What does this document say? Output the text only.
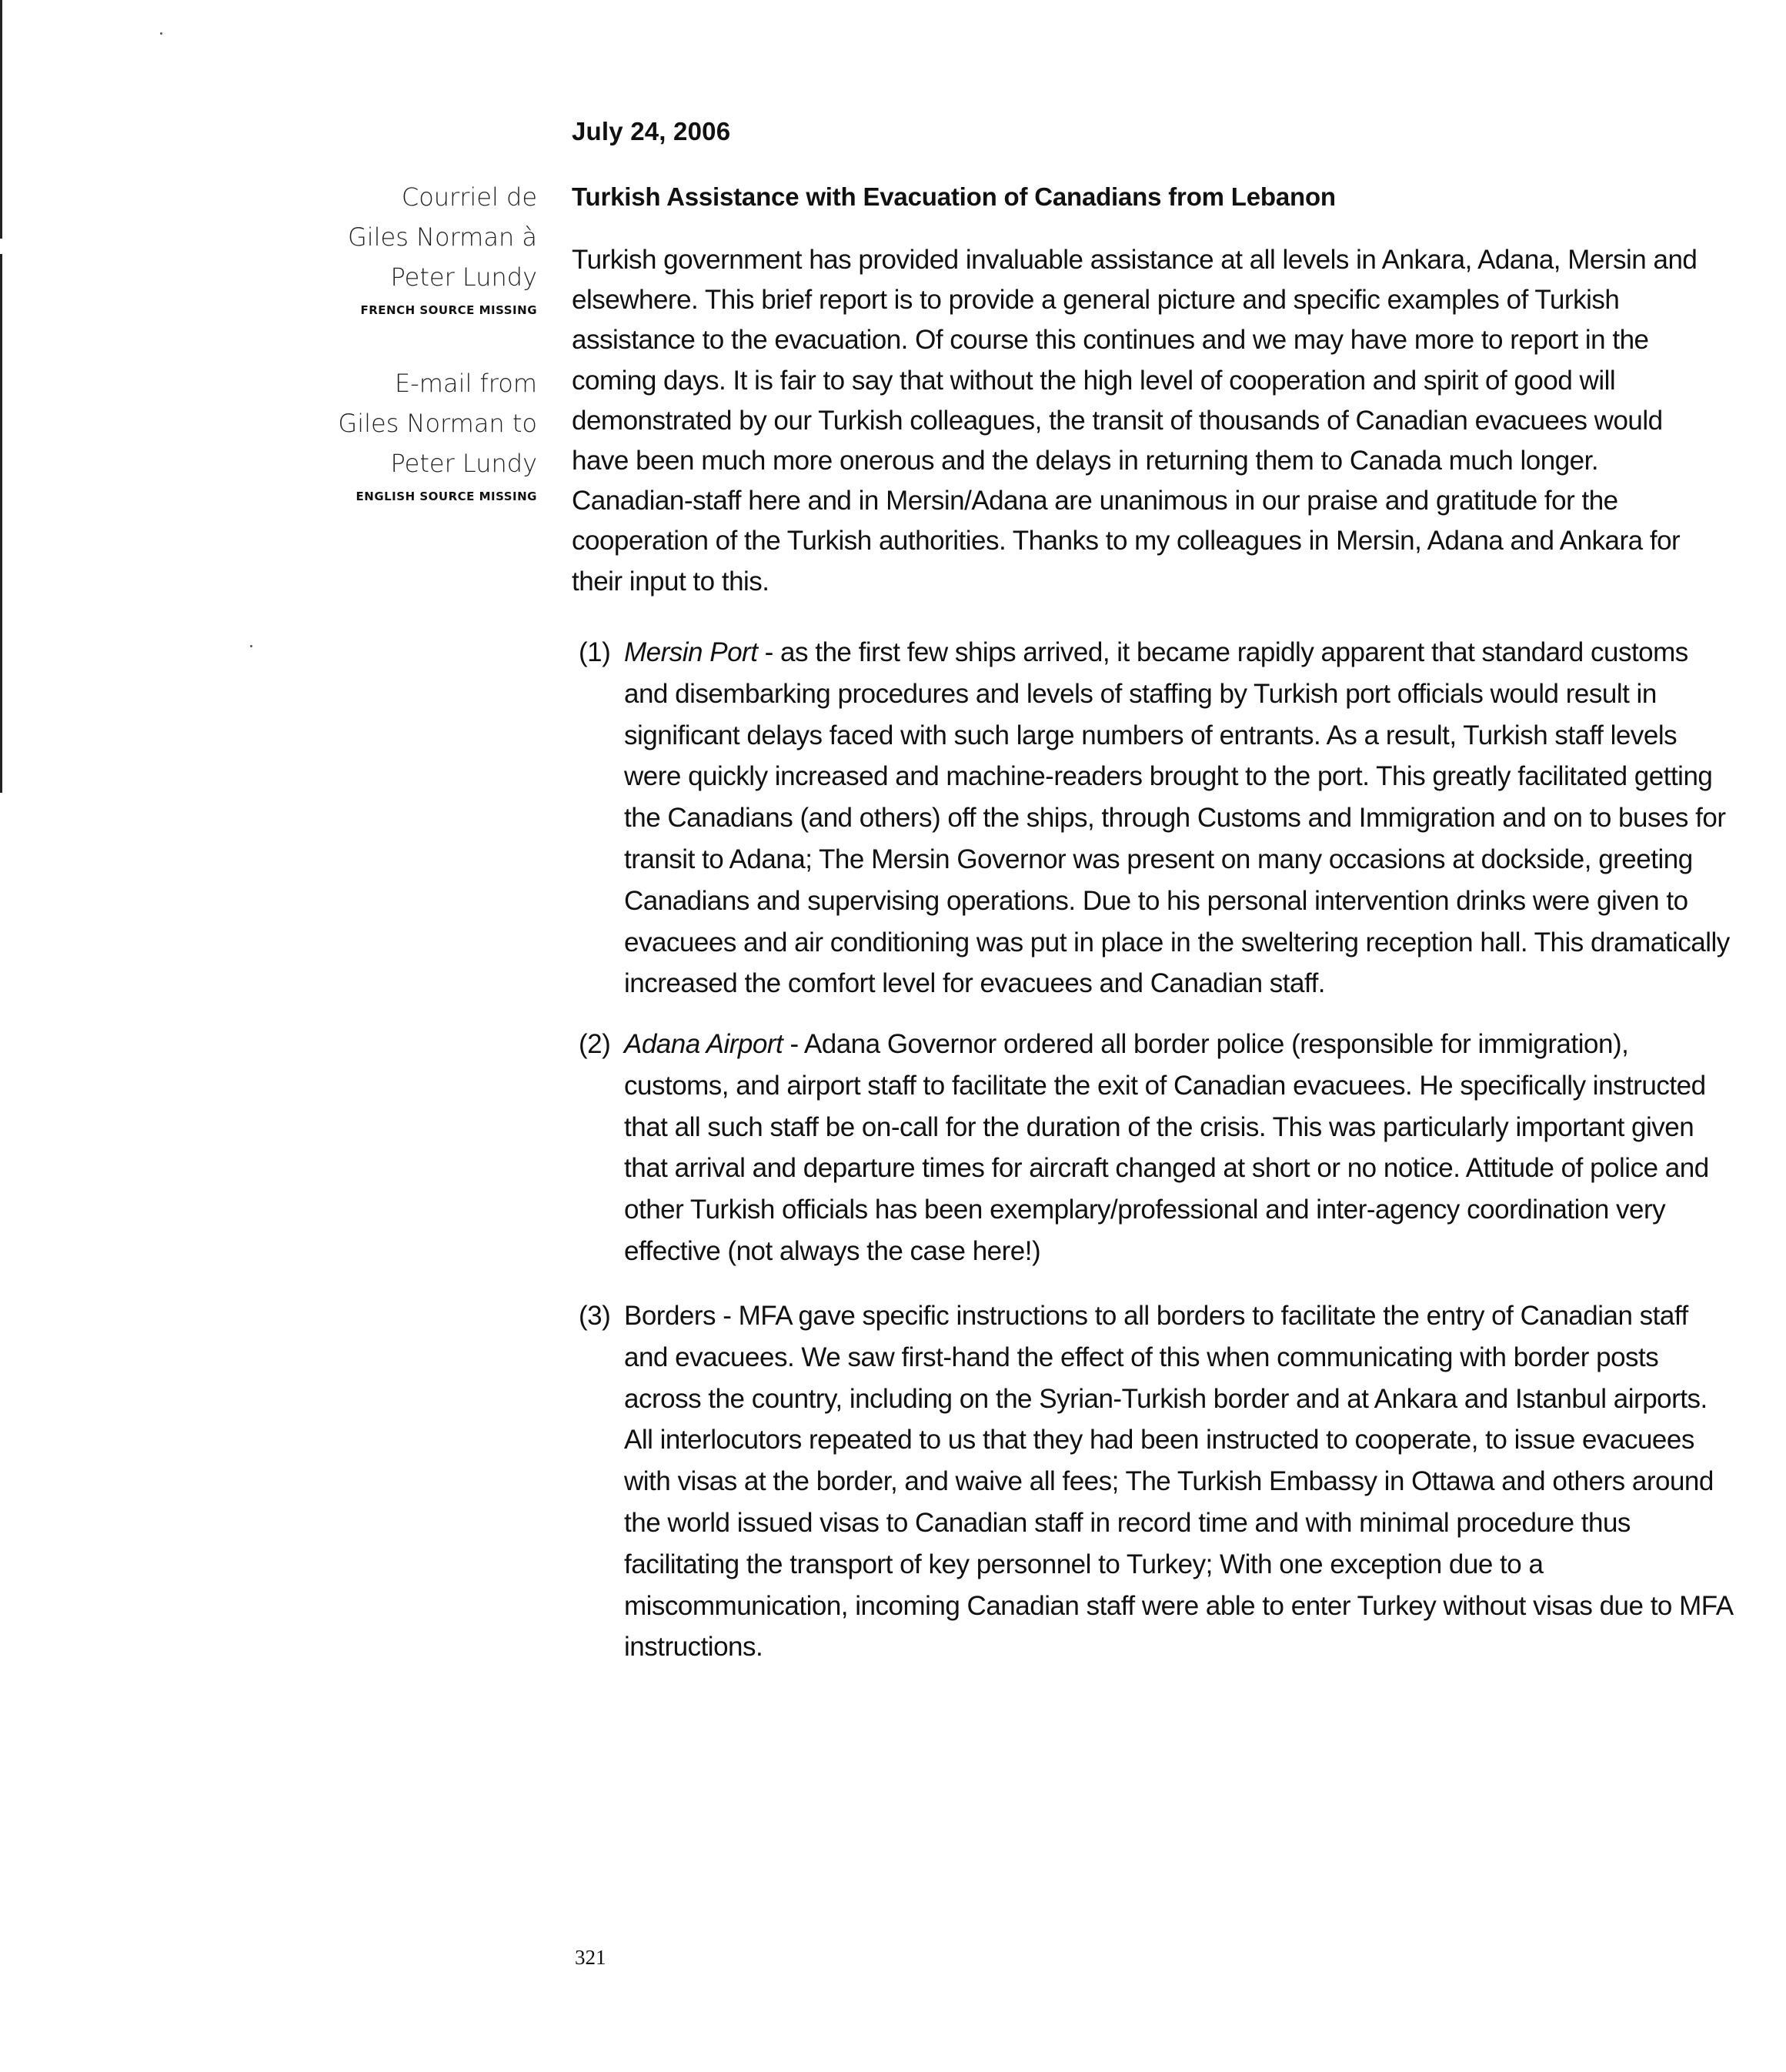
July 24, 2006
Courriel de
Giles Norman à
Peter Lundy
FRENCH SOURCE MISSING
E-mail from
Giles Norman to
Peter Lundy
ENGLISH SOURCE MISSING
Turkish Assistance with Evacuation of Canadians from Lebanon

Turkish government has provided invaluable assistance at all levels in Ankara, Adana, Mersin and elsewhere. This brief report is to provide a general picture and specific examples of Turkish assistance to the evacuation. Of course this continues and we may have more to report in the coming days. It is fair to say that without the high level of cooperation and spirit of good will demonstrated by our Turkish colleagues, the transit of thousands of Canadian evacuees would have been much more onerous and the delays in returning them to Canada much longer. Canadian-staff here and in Mersin/Adana are unanimous in our praise and gratitude for the cooperation of the Turkish authorities. Thanks to my colleagues in Mersin, Adana and Ankara for their input to this.

(1) Mersin Port - as the first few ships arrived, it became rapidly apparent that standard customs and disembarking procedures and levels of staffing by Turkish port officials would result in significant delays faced with such large numbers of entrants. As a result, Turkish staff levels were quickly increased and machine-readers brought to the port. This greatly facilitated getting the Canadians (and others) off the ships, through Customs and Immigration and on to buses for transit to Adana; The Mersin Governor was present on many occasions at dockside, greeting Canadians and supervising operations. Due to his personal intervention drinks were given to evacuees and air conditioning was put in place in the sweltering reception hall. This dramatically increased the comfort level for evacuees and Canadian staff.
(2) Adana Airport - Adana Governor ordered all border police (responsible for immigration), customs, and airport staff to facilitate the exit of Canadian evacuees. He specifically instructed that all such staff be on-call for the duration of the crisis. This was particularly important given that arrival and departure times for aircraft changed at short or no notice. Attitude of police and other Turkish officials has been exemplary/professional and inter-agency coordination very effective (not always the case here!)
(3) Borders - MFA gave specific instructions to all borders to facilitate the entry of Canadian staff and evacuees. We saw first-hand the effect of this when communicating with border posts across the country, including on the Syrian-Turkish border and at Ankara and Istanbul airports. All interlocutors repeated to us that they had been instructed to cooperate, to issue evacuees with visas at the border, and waive all fees; The Turkish Embassy in Ottawa and others around the world issued visas to Canadian staff in record time and with minimal procedure thus facilitating the transport of key personnel to Turkey; With one exception due to a miscommunication, incoming Canadian staff were able to enter Turkey without visas due to MFA instructions.
321
